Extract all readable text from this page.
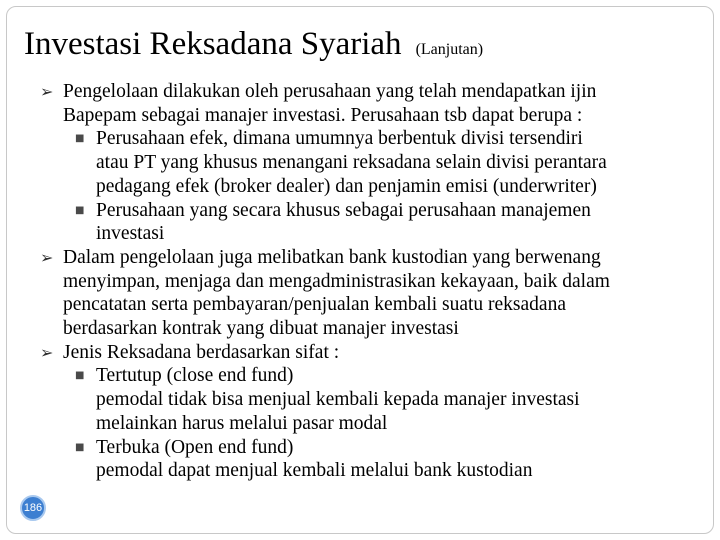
Investasi Reksadana Syariah (Lanjutan)
➢ Pengelolaan dilakukan oleh perusahaan yang telah mendapatkan ijin
Bapepam sebagai manajer investasi. Perusahaan tsb dapat berupa :
■ Perusahaan efek, dimana umumnya berbentuk divisi tersendiri
atau PT yang khusus menangani reksadana selain divisi perantara
pedagang efek (broker dealer) dan penjamin emisi (underwriter)
■ Perusahaan yang secara khusus sebagai perusahaan manajemen
investasi
➢ Dalam pengelolaan juga melibatkan bank kustodian yang berwenang
menyimpan, menjaga dan mengadministrasikan kekayaan, baik dalam
pencatatan serta pembayaran/penjualan kembali suatu reksadana
berdasarkan kontrak yang dibuat manajer investasi
➢ Jenis Reksadana berdasarkan sifat :
■ Tertutup (close end fund)
pemodal tidak bisa menjual kembali kepada manajer investasi
melainkan harus melalui pasar modal
■ Terbuka (Open end fund)
pemodal dapat menjual kembali melalui bank kustodian
186
